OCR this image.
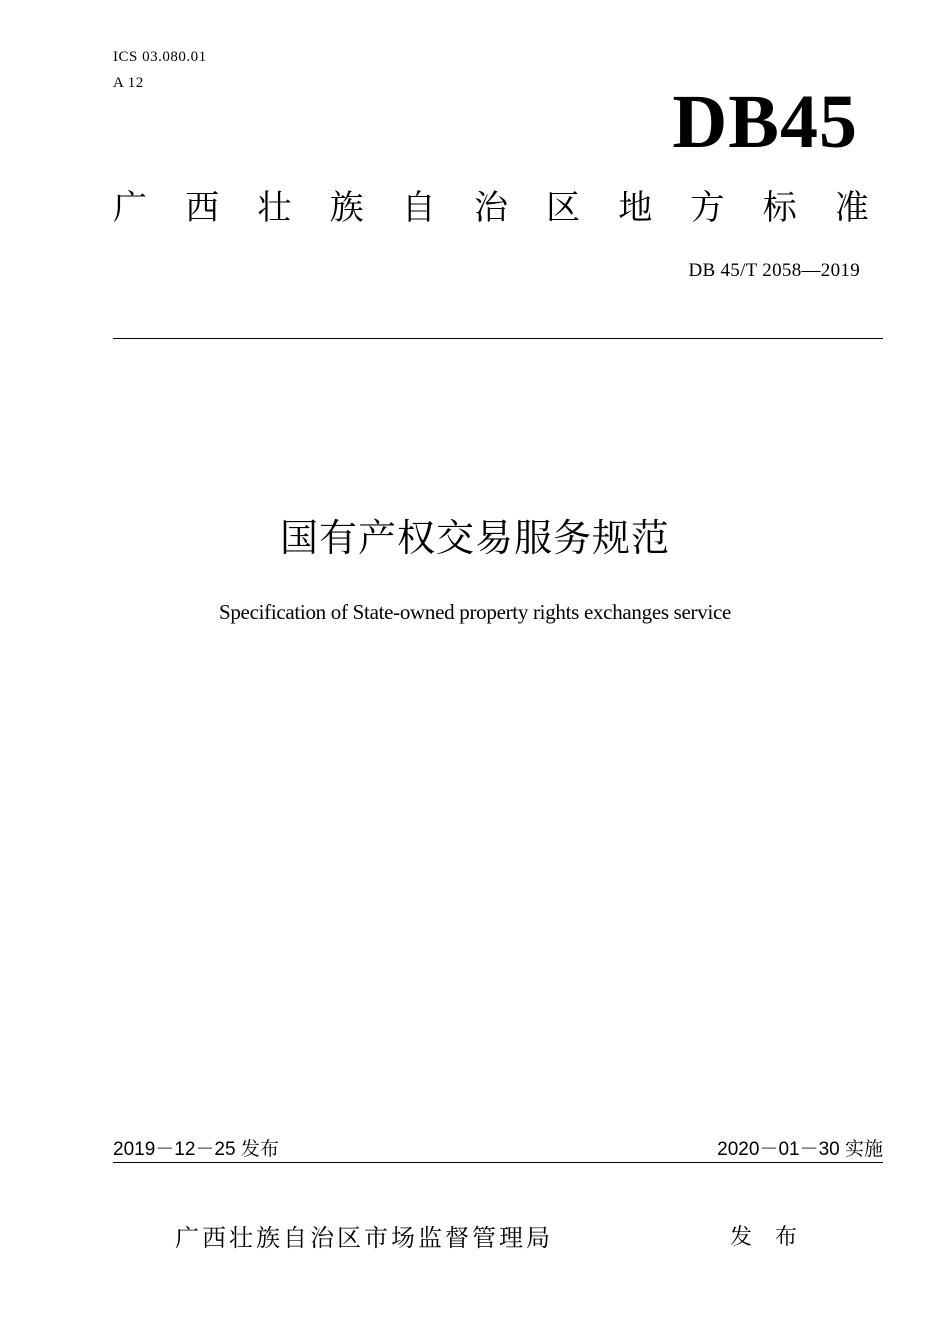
ICS 03.080.01
A 12	DB45
广 西 壮 族 自 治 区 地 方 标 准
DB 45/T 2058—2019
国有产权交易服务规范
Specification of State-owned property rights exchanges service
2019－12－25 发布	2020－01－30 实施
广西壮族自治区市场监督管理局	发 布
